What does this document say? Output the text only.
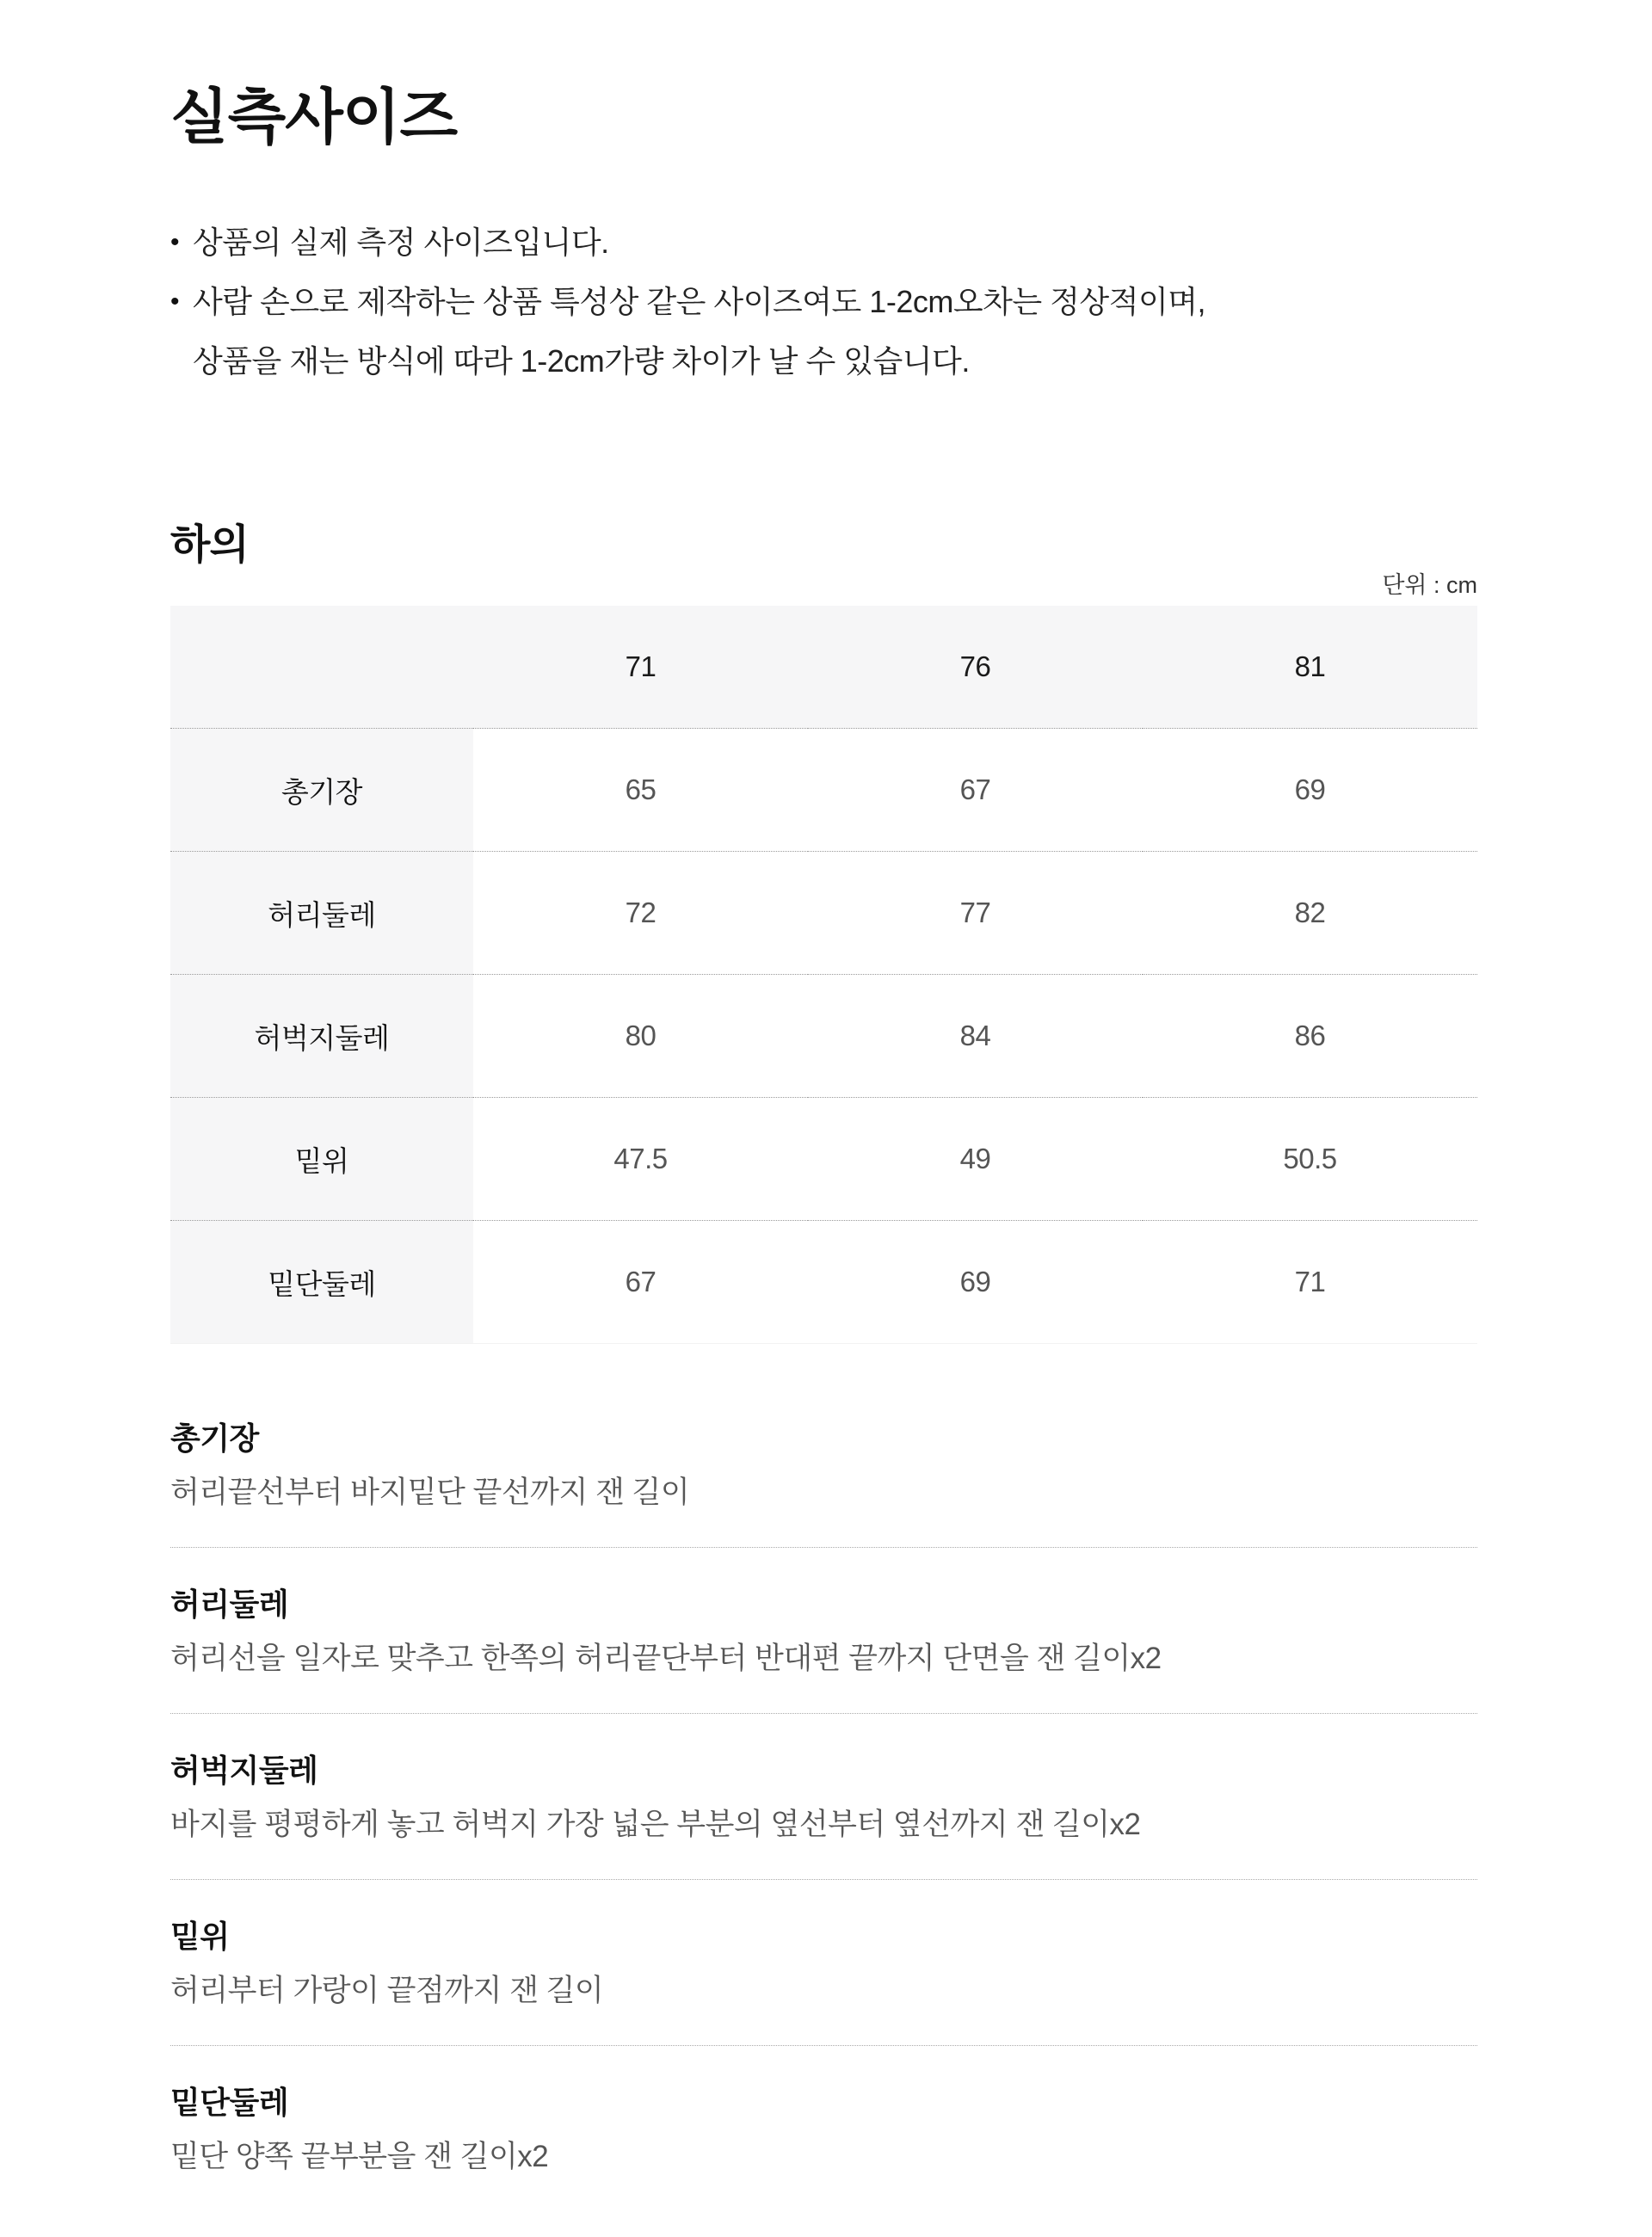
실측사이즈
• 상품의 실제 측정 사이즈입니다.
• 사람 손으로 제작하는 상품 특성상 같은 사이즈여도 1-2cm오차는 정상적이며,
상품을 재는 방식에 따라 1-2cm가량 차이가 날 수 있습니다.
하의
단위 : cm
	71	76	81
총기장	65	67	69
허리둘레	72	77	82
허벅지둘레	80	84	86
밑위	47.5	49	50.5
밑단둘레	67	69	71
총기장

허리끝선부터 바지밑단 끝선까지 잰 길이

허리둘레

허리선을 일자로 맞추고 한쪽의 허리끝단부터 반대편 끝까지 단면을 잰 길이x2

허벅지둘레

바지를 평평하게 놓고 허벅지 가장 넓은 부분의 옆선부터 옆선까지 잰 길이x2

밑위

허리부터 가랑이 끝점까지 잰 길이

밑단둘레

밑단 양쪽 끝부분을 잰 길이x2
